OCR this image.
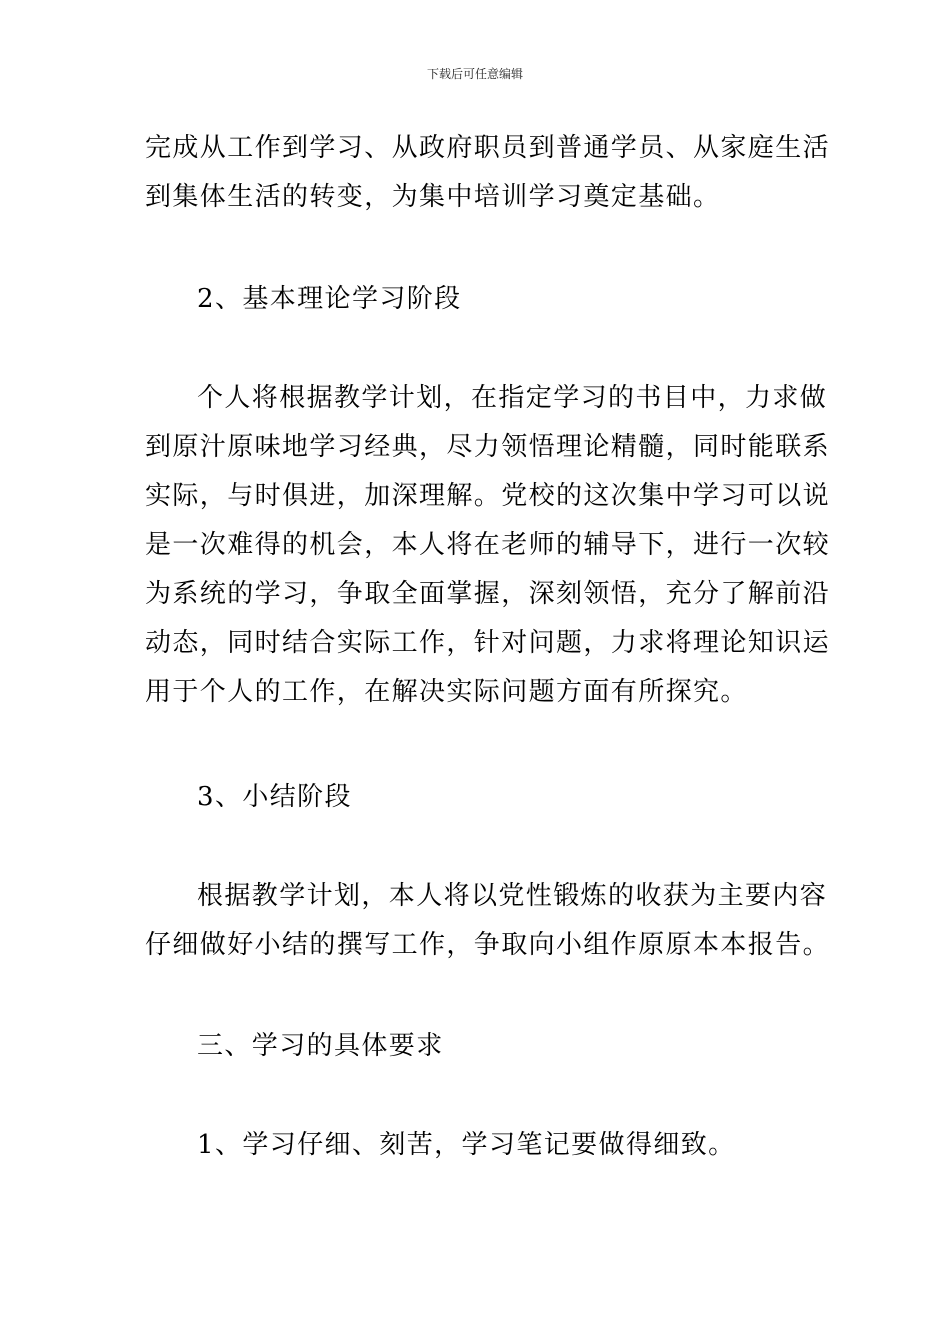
下载后可任意编辑
完成从工作到学习、从政府职员到普通学员、从家庭生活
到集体生活的转变，为集中培训学习奠定基础。
2、基本理论学习阶段
个人将根据教学计划，在指定学习的书目中，力求做
到原汁原味地学习经典，尽力领悟理论精髓，同时能联系
实际，与时俱进，加深理解。党校的这次集中学习可以说
是一次难得的机会，本人将在老师的辅导下，进行一次较
为系统的学习，争取全面掌握，深刻领悟，充分了解前沿
动态，同时结合实际工作，针对问题，力求将理论知识运
用于个人的工作，在解决实际问题方面有所探究。
3、小结阶段
根据教学计划，本人将以党性锻炼的收获为主要内容
仔细做好小结的撰写工作，争取向小组作原原本本报告。
三、学习的具体要求
1、学习仔细、刻苦，学习笔记要做得细致。
